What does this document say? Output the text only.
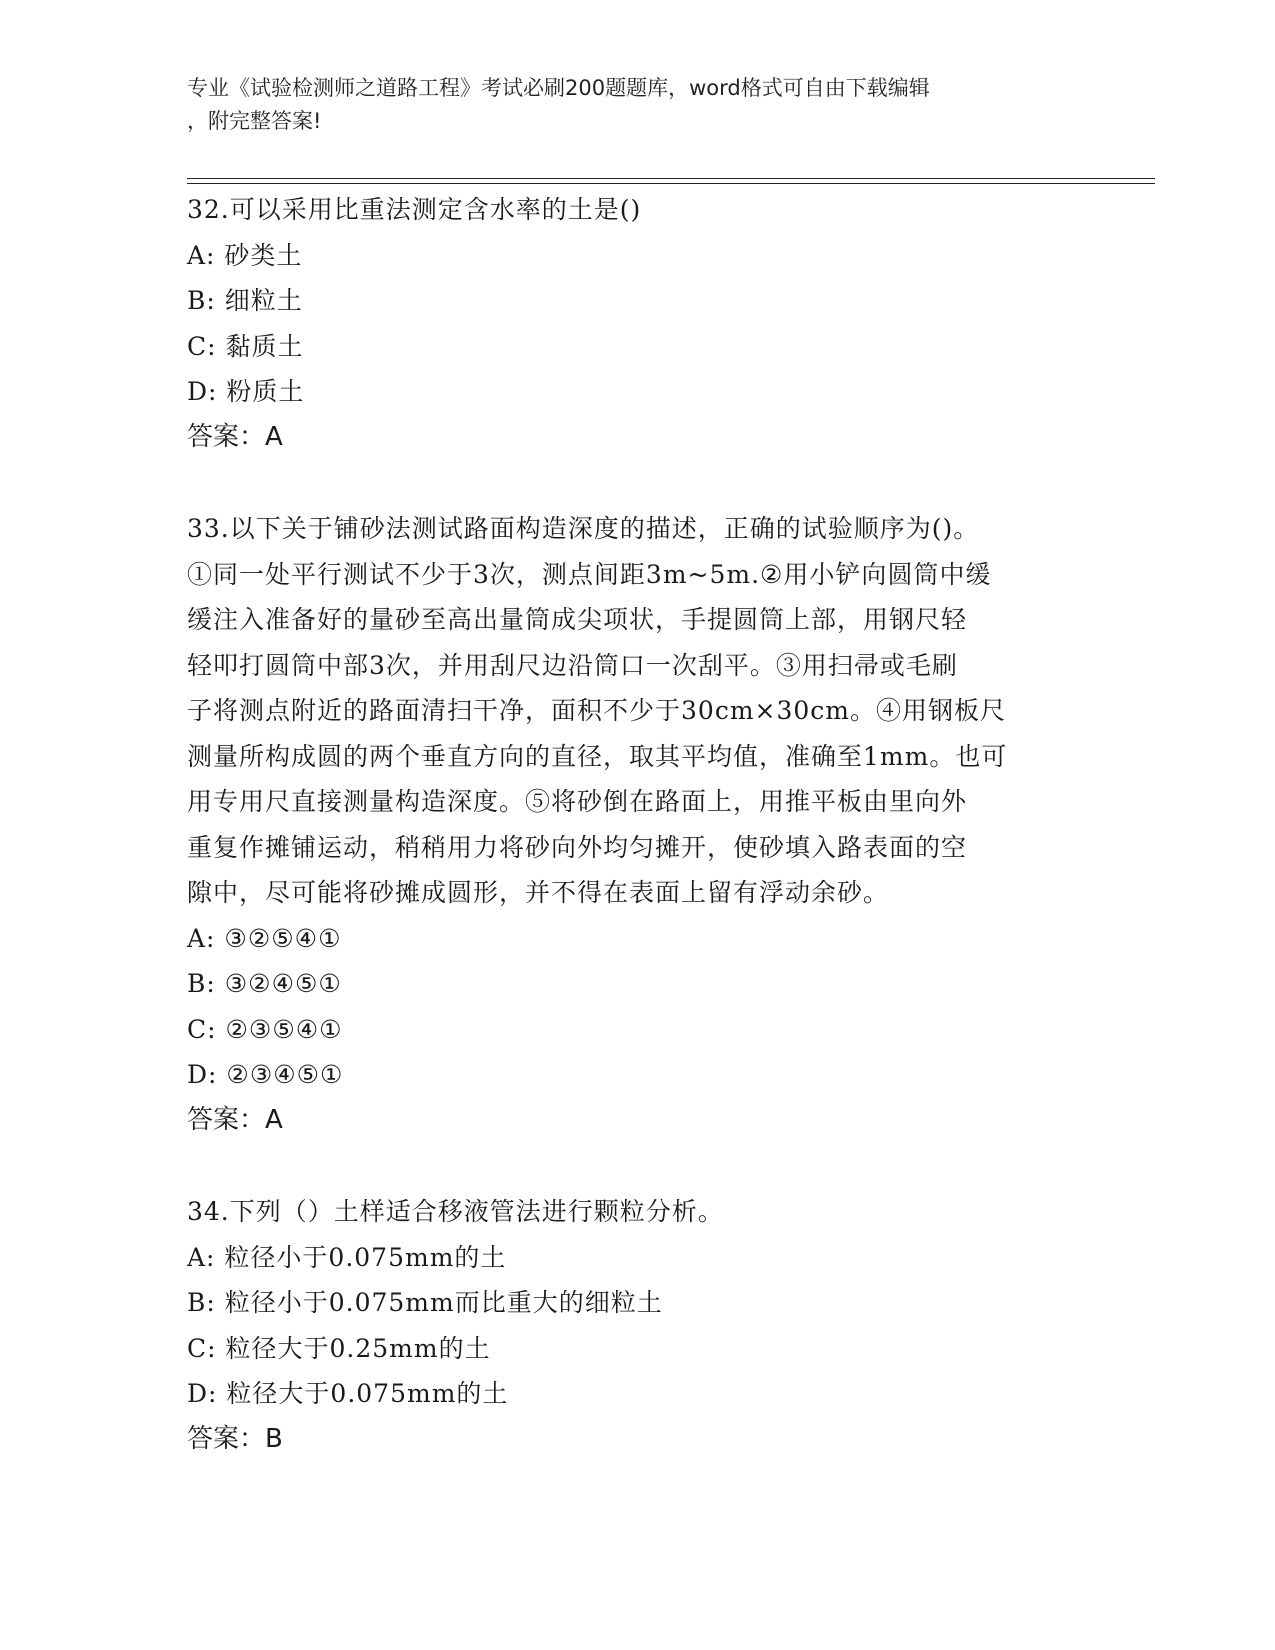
专业《试验检测师之道路工程》考试必刷200题题库，word格式可自由下载编辑
，附完整答案!
32.可以采用比重法测定含水率的土是()
A: 砂类土
B: 细粒土
C: 黏质土
D: 粉质土
答案：A
33.以下关于铺砂法测试路面构造深度的描述，正确的试验顺序为()。
①同一处平行测试不少于3次，测点间距3m~5m.②用小铲向圆筒中缓
缓注入准备好的量砂至高出量筒成尖项状，手提圆筒上部，用钢尺轻
轻叩打圆筒中部3次，并用刮尺边沿筒口一次刮平。③用扫帚或毛刷
子将测点附近的路面清扫干净，面积不少于30cm×30cm。④用钢板尺
测量所构成圆的两个垂直方向的直径，取其平均值，准确至1mm。也可
用专用尺直接测量构造深度。⑤将砂倒在路面上，用推平板由里向外
重复作摊铺运动，稍稍用力将砂向外均匀摊开，使砂填入路表面的空
隙中，尽可能将砂摊成圆形，并不得在表面上留有浮动余砂。
A: ③②⑤④①
B: ③②④⑤①
C: ②③⑤④①
D: ②③④⑤①
答案：A
34.下列（）土样适合移液管法进行颗粒分析。
A: 粒径小于0.075mm的土
B: 粒径小于0.075mm而比重大的细粒土
C: 粒径大于0.25mm的土
D: 粒径大于0.075mm的土
答案：B
